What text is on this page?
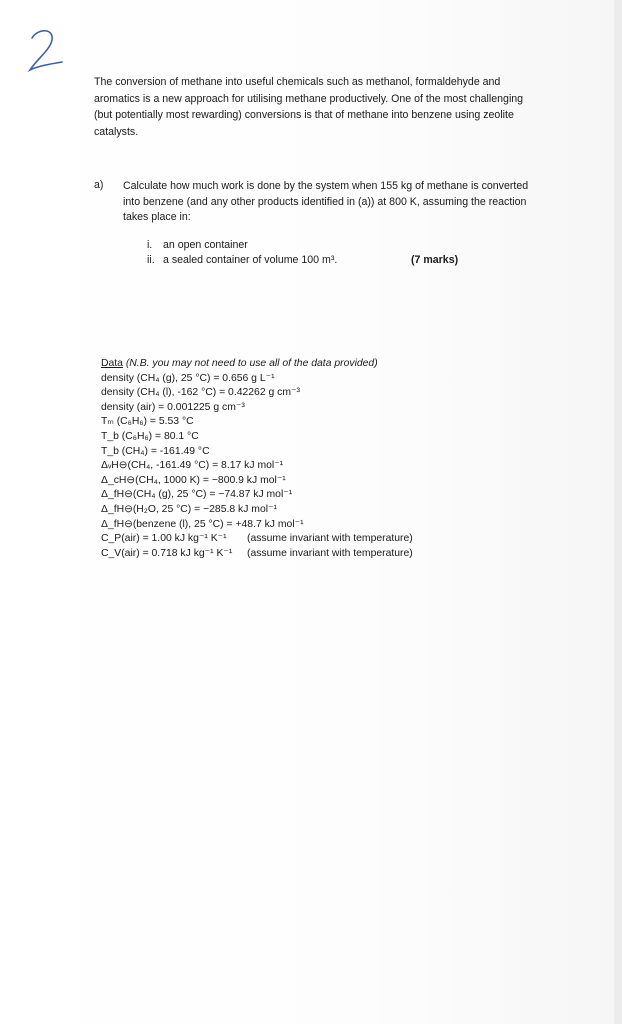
The conversion of methane into useful chemicals such as methanol, formaldehyde and aromatics is a new approach for utilising methane productively. One of the most challenging (but potentially most rewarding) conversions is that of methane into benzene using zeolite catalysts.
a) Calculate how much work is done by the system when 155 kg of methane is converted into benzene (and any other products identified in (a)) at 800 K, assuming the reaction takes place in:
i.	an open container
ii. a sealed container of volume 100 m³.	(7 marks)
Data (N.B. you may not need to use all of the data provided)
density (CH₄ (g), 25 °C) = 0.656 g L⁻¹
density (CH₄ (l), -162 °C) = 0.42262 g cm⁻³
density (air) = 0.001225 g cm⁻³
Tₘ (C₆H₆) = 5.53 °C
T_b (C₆H₆) = 80.1 °C
T_b (CH₄) = -161.49 °C
ΔᵥH⊖(CH₄, -161.49 °C) = 8.17 kJ mol⁻¹
Δ_cH⊖(CH₄, 1000 K) = −800.9 kJ mol⁻¹
Δ_fH⊖(CH₄ (g), 25 °C) = −74.87 kJ mol⁻¹
Δ_fH⊖(H₂O, 25 °C) = −285.8 kJ mol⁻¹
Δ_fH⊖(benzene (l), 25 °C) = +48.7 kJ mol⁻¹
C_P(air) = 1.00 kJ kg⁻¹ K⁻¹ (assume invariant with temperature)
C_V(air) = 0.718 kJ kg⁻¹ K⁻¹ (assume invariant with temperature)
